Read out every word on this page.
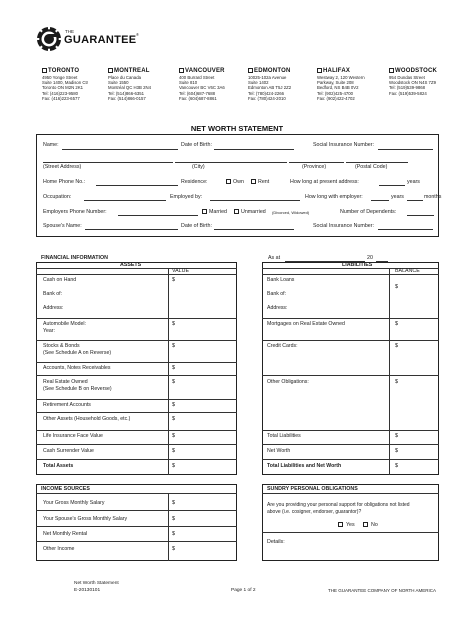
THE
GUARANTEE ®
TORONTO
4950 Yonge Street
Suite 1400, Madison Ctr
Toronto ON M2N 2K1
Tel: (416)223-9580
Fax: (416)223-6577
MONTREAL
Place du Canada
Suite 1550
Montréal QC H3B 2N4
Tel: (514)866-6351
Fax: (514)866-0157
VANCOUVER
400 Burrard Street
Suite 810
Vancouver BC V6C 3A6
Tel: (604)687-7688
Fax: (604)687-8861
EDMONTON
10025-102a Avenue
Suite 1402
Edmonton AB T5J 2Z2
Tel: (780)424-2266
Fax: (780)424-2010
HALIFAX
Westway 2, 120 Western
Parkway, Suite 208
Bedford, NS B4B 0V2
Tel: (902)425-4700
Fax: (902)422-4702
WOODSTOCK
954 Dundas Street
Woodstock ON N4S 7Z9
Tel: (519)539-9868
Fax: (519)539-5824
NET WORTH STATEMENT
Name:	Date of Birth:	Social Insurance Number:
(Street Address)	(City)	(Province)	(Postal Code)
Home Phone No.:	Residence:	Own	Rent	How long at present address:	years
Occupation:	Employed by:	How long with employer:	years	months
Employers Phone Number:	Married	Unmarried (Divorced, Widowed)	Number of Dependents:
Spouse's Name:	Date of Birth:	Social Insurance Number:
FINANCIAL INFORMATION	As at	20
ASSETS
VALUE
Cash on Hand
Bank of:
Address:
$
Automobile Model:
Year:
$
Stocks & Bonds
(See Schedule A on Reverse)
$
Accounts, Notes Receivables	$
Real Estate Owned
(See Schedule B on Reverse)
$
Retirement Accounts	$
Other Assets (Household Goods, etc.)	$
Life Insurance Face Value	$
Cash Surrender Value	$
Total Assets	$
LIABILITIES
BALANCE
Bank Loans
Bank of:
Address:
$
Mortgages on Real Estate Owned	$
Credit Cards:	$
Other Obligations:	$
Total Liabilities	$
Net Worth	$
Total Liabilities and Net Worth	$
INCOME SOURCES
Your Gross Monthly Salary	$
Your Spouse's Gross Monthly Salary	$
Net Monthly Rental	$
Other Income	$
SUNDRY PERSONAL OBLIGATIONS
Are you providing your personal support for obligations not listed
above (i.e. cosigner, endorser, guarantor)?
Yes	No
Details:
Net Worth Statement
E-20130101	Page 1 of 2	THE GUARANTEE COMPANY OF NORTH AMERICA
